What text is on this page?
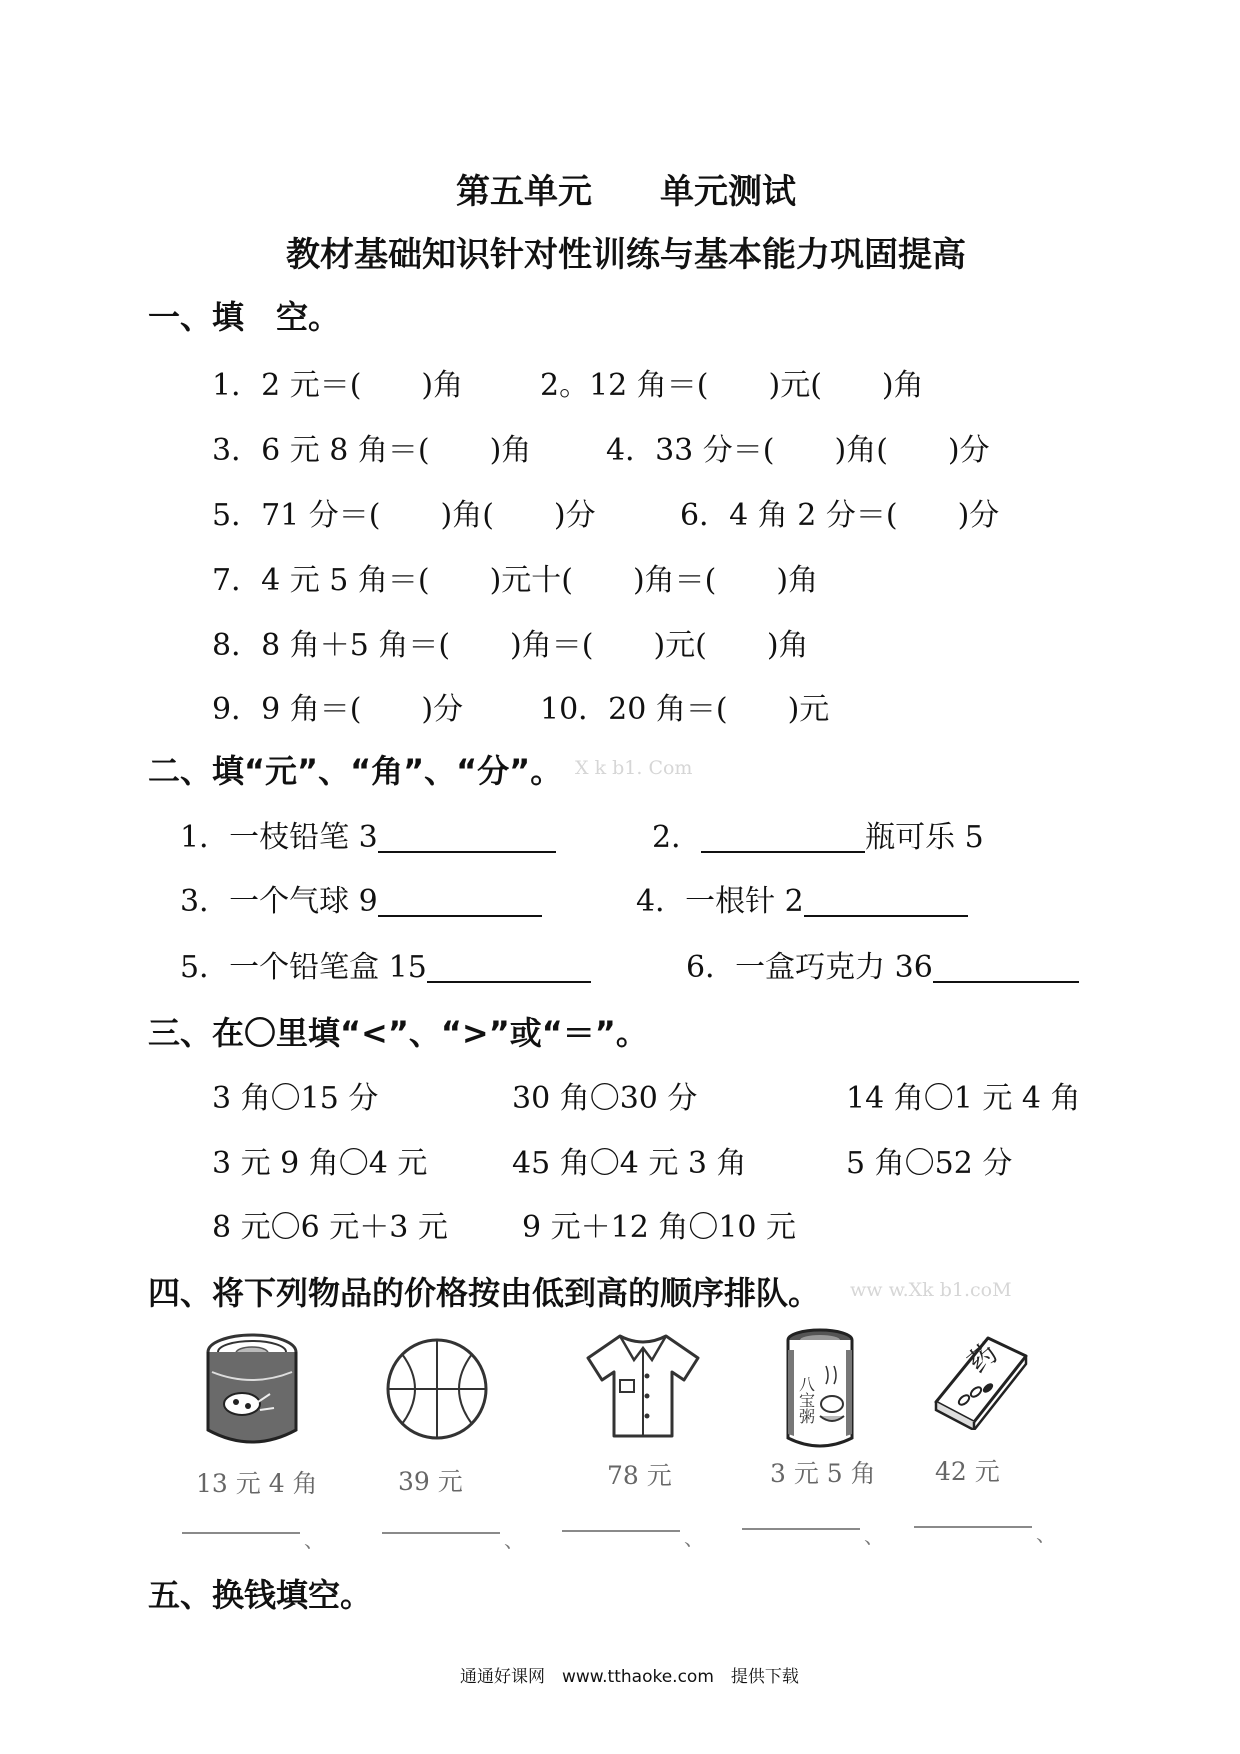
第五单元　　单元测试
教材基础知识针对性训练与基本能力巩固提高
一、填　空。
1．2 元＝(　　)角	2。12 角＝(　　)元(　　)角
3．6 元 8 角＝(　　)角 4．33 分＝(　　)角(　　)分
5．71 分＝(　　)角(　　)分	6．4 角 2 分＝(　　)分
7．4 元 5 角＝(　　)元十(　　)角＝(　　)角
8．8 角＋5 角＝(　　)角＝(　　)元(　　)角
9．9 角＝(　　)分	10．20 角＝(　　)元
二、填“元”、“角”、“分”。 X k b1. Com
1．一枝铅笔 3	2．	瓶可乐 5
3．一个气球 9	4．一根针 2
5．一个铅笔盒 15	6．一盒巧克力 36
三、在〇里填“<”、“>”或“＝”。
3 角〇15 分	30 角〇30 分	14 角〇1 元 4 角
3 元 9 角〇4 元	45 角〇4 元 3 角	5 角〇52 分
8 元〇6 元＋3 元 9 元＋12 角〇10 元
四、将下列物品的价格按由低到高的顺序排队。 ww w.Xk b1.coM
13 元 4 角	39 元	78 元
八宝粥
3 元 5 角
药
42 元
、	、	、	、	、
五、换钱填空。
通通好课网　www.tthaoke.com　提供下载
